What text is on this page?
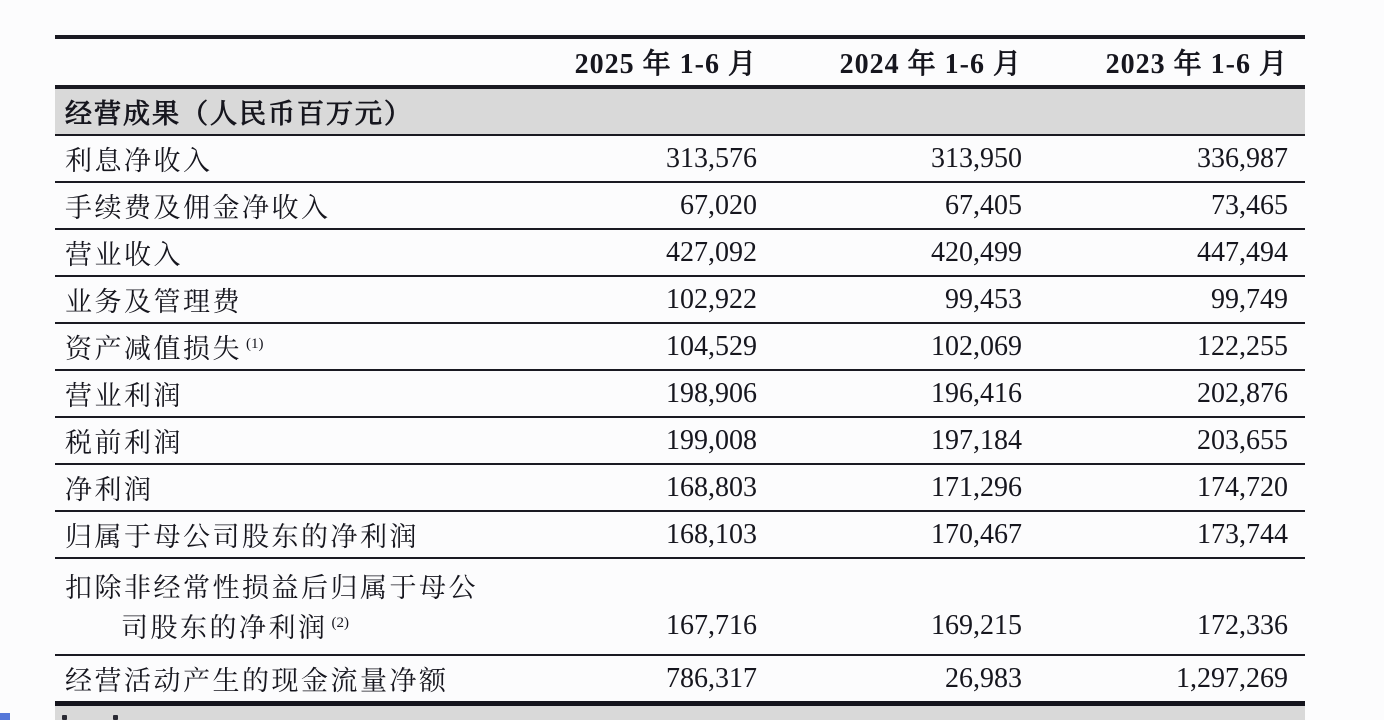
2025 年 1-6 月	2024 年 1-6 月	2023 年 1-6 月
经营成果（人民币百万元）
利息净收入	313,576	313,950	336,987
手续费及佣金净收入	67,020	67,405	73,465
营业收入	427,092	420,499	447,494
业务及管理费	102,922	99,453	99,749
资产减值损失 $^{(1)}$	104,529	102,069	122,255
营业利润	198,906	196,416	202,876
税前利润	199,008	197,184	203,655
净利润	168,803	171,296	174,720
归属于母公司股东的净利润	168,103	170,467	173,744
扣除非经常性损益后归属于母公
司股东的净利润 $^{(2)}$	167,716	169,215	172,336
经营活动产生的现金流量净额	786,317	26,983	1,297,269
